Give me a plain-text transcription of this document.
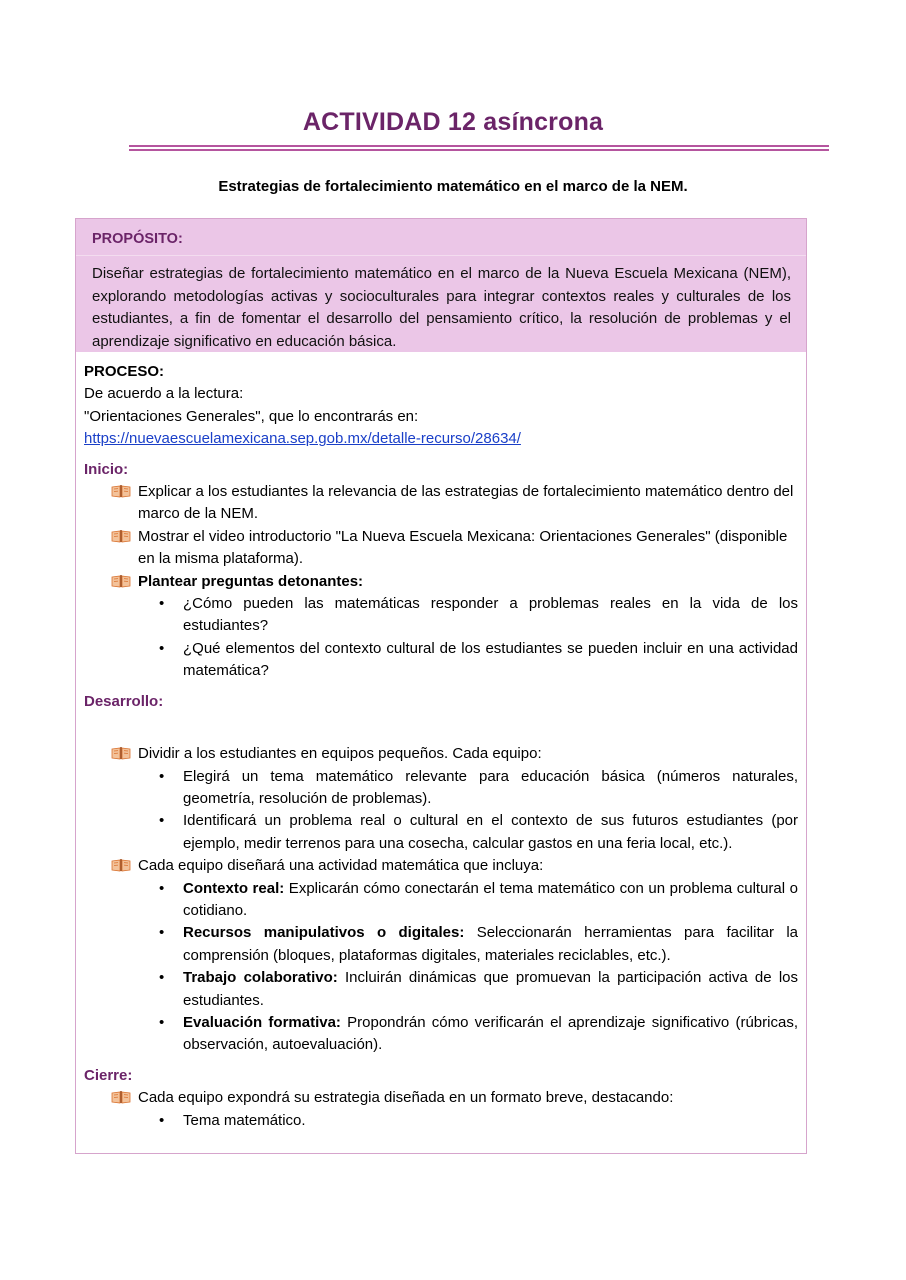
ACTIVIDAD 12 asíncrona
Estrategias de fortalecimiento matemático en el marco de la NEM.
PROPÓSITO:
Diseñar estrategias de fortalecimiento matemático en el marco de la Nueva Escuela Mexicana (NEM), explorando metodologías activas y socioculturales para integrar contextos reales y culturales de los estudiantes, a fin de fomentar el desarrollo del pensamiento crítico, la resolución de problemas y el aprendizaje significativo en educación básica.
PROCESO:
De acuerdo a la lectura:
"Orientaciones Generales", que lo encontrarás en:
https://nuevaescuelamexicana.sep.gob.mx/detalle-recurso/28634/
Inicio:
Explicar a los estudiantes la relevancia de las estrategias de fortalecimiento matemático dentro del marco de la NEM.
Mostrar el video introductorio "La Nueva Escuela Mexicana: Orientaciones Generales" (disponible en la misma plataforma).
Plantear preguntas detonantes:
• ¿Cómo pueden las matemáticas responder a problemas reales en la vida de los estudiantes?
• ¿Qué elementos del contexto cultural de los estudiantes se pueden incluir en una actividad matemática?
Desarrollo:
Dividir a los estudiantes en equipos pequeños. Cada equipo:
• Elegirá un tema matemático relevante para educación básica (números naturales, geometría, resolución de problemas).
• Identificará un problema real o cultural en el contexto de sus futuros estudiantes (por ejemplo, medir terrenos para una cosecha, calcular gastos en una feria local, etc.).
Cada equipo diseñará una actividad matemática que incluya:
• Contexto real: Explicarán cómo conectarán el tema matemático con un problema cultural o cotidiano.
• Recursos manipulativos o digitales: Seleccionarán herramientas para facilitar la comprensión (bloques, plataformas digitales, materiales reciclables, etc.).
• Trabajo colaborativo: Incluirán dinámicas que promuevan la participación activa de los estudiantes.
• Evaluación formativa: Propondrán cómo verificarán el aprendizaje significativo (rúbricas, observación, autoevaluación).
Cierre:
Cada equipo expondrá su estrategia diseñada en un formato breve, destacando:
• Tema matemático.
